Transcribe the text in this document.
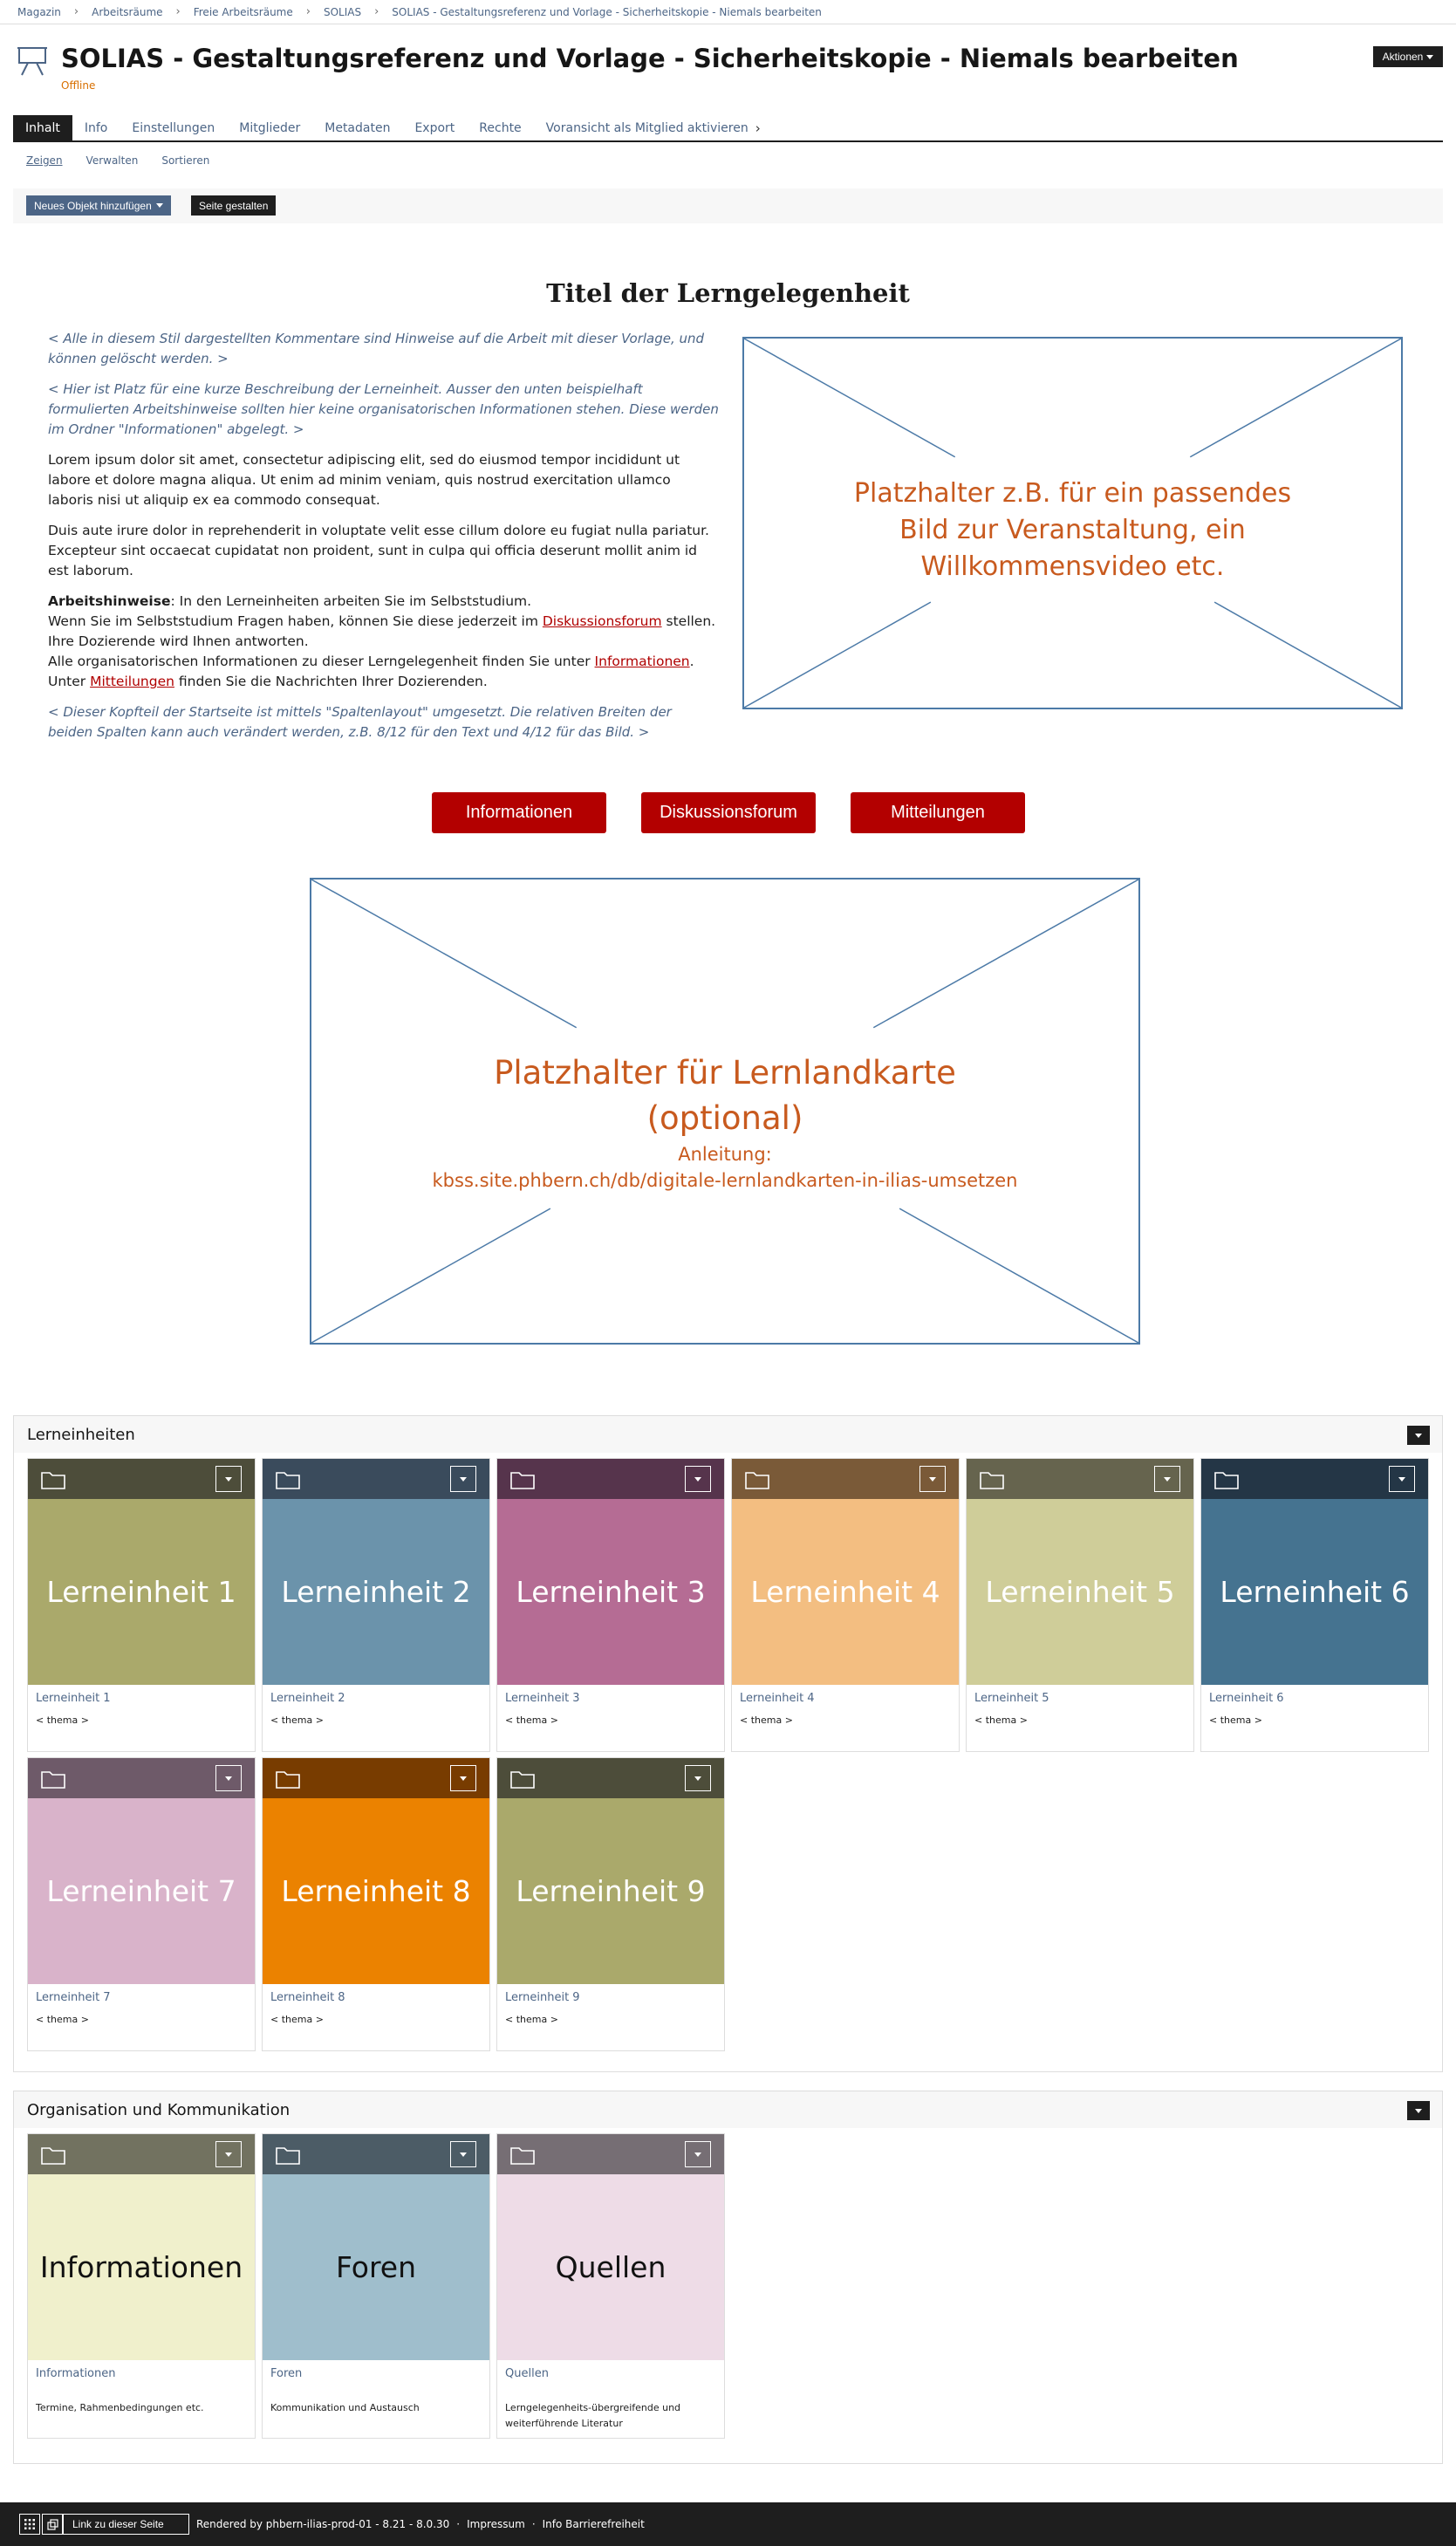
Magazin › Arbeitsräume › Freie Arbeitsräume › SOLIAS › SOLIAS - Gestaltungsreferenz und Vorlage - Sicherheitskopie - Niemals bearbeiten
SOLIAS - Gestaltungsreferenz und Vorlage - Sicherheitskopie - Niemals bearbeiten
Offline
Aktionen
Inhalt	Info	Einstellungen	Mitglieder	Metadaten	Export	Rechte	Voransicht als Mitglied aktivieren ›
Zeigen Verwalten Sortieren
Neues Objekt hinzufügen	Seite gestalten
Titel der Lerngelegenheit

< Alle in diesem Stil dargestellten Kommentare sind Hinweise auf die Arbeit mit dieser Vorlage, und können gelöscht werden. >

< Hier ist Platz für eine kurze Beschreibung der Lerneinheit. Ausser den unten beispielhaft formulierten Arbeitshinweise sollten hier keine organisatorischen Informationen stehen. Diese werden im Ordner "Informationen" abgelegt. >

Lorem ipsum dolor sit amet, consectetur adipiscing elit, sed do eiusmod tempor incididunt ut labore et dolore magna aliqua. Ut enim ad minim veniam, quis nostrud exercitation ullamco laboris nisi ut aliquip ex ea commodo consequat.

Duis aute irure dolor in reprehenderit in voluptate velit esse cillum dolore eu fugiat nulla pariatur. Excepteur sint occaecat cupidatat non proident, sunt in culpa qui officia deserunt mollit anim id est laborum.

Arbeitshinweise: In den Lerneinheiten arbeiten Sie im Selbststudium.
Wenn Sie im Selbststudium Fragen haben, können Sie diese jederzeit im Diskussionsforum stellen.
Ihre Dozierende wird Ihnen antworten.
Alle organisatorischen Informationen zu dieser Lerngelegenheit finden Sie unter Informationen.
Unter Mitteilungen finden Sie die Nachrichten Ihrer Dozierenden.

< Dieser Kopfteil der Startseite ist mittels "Spaltenlayout" umgesetzt. Die relativen Breiten der beiden Spalten kann auch verändert werden, z.B. 8/12 für den Text und 4/12 für das Bild. >

Platzhalter z.B. für ein passendes
Bild zur Veranstaltung, ein
Willkommensvideo etc.
Informationen	Diskussionsforum	Mitteilungen
Platzhalter für Lernlandkarte
(optional)
Anleitung:
kbss.site.phbern.ch/db/digitale-lernlandkarten-in-ilias-umsetzen
Lerneinheiten
Lerneinheit 1
Lerneinheit 1
< thema >
Lerneinheit 2
Lerneinheit 2
< thema >
Lerneinheit 3
Lerneinheit 3
< thema >
Lerneinheit 4
Lerneinheit 4
< thema >
Lerneinheit 5
Lerneinheit 5
< thema >
Lerneinheit 6
Lerneinheit 6
< thema >
Lerneinheit 7
Lerneinheit 7
< thema >
Lerneinheit 8
Lerneinheit 8
< thema >
Lerneinheit 9
Lerneinheit 9
< thema >
Organisation und Kommunikation
Informationen
Informationen
Termine, Rahmenbedingungen etc.
Foren
Foren
Kommunikation und Austausch
Quellen
Quellen
Lerngelegenheits-übergreifende und weiterführende Literatur
Link zu dieser Seite	Rendered by phbern-ilias-prod-01 - 8.21 - 8.0.30 · Impressum · Info Barrierefreiheit
